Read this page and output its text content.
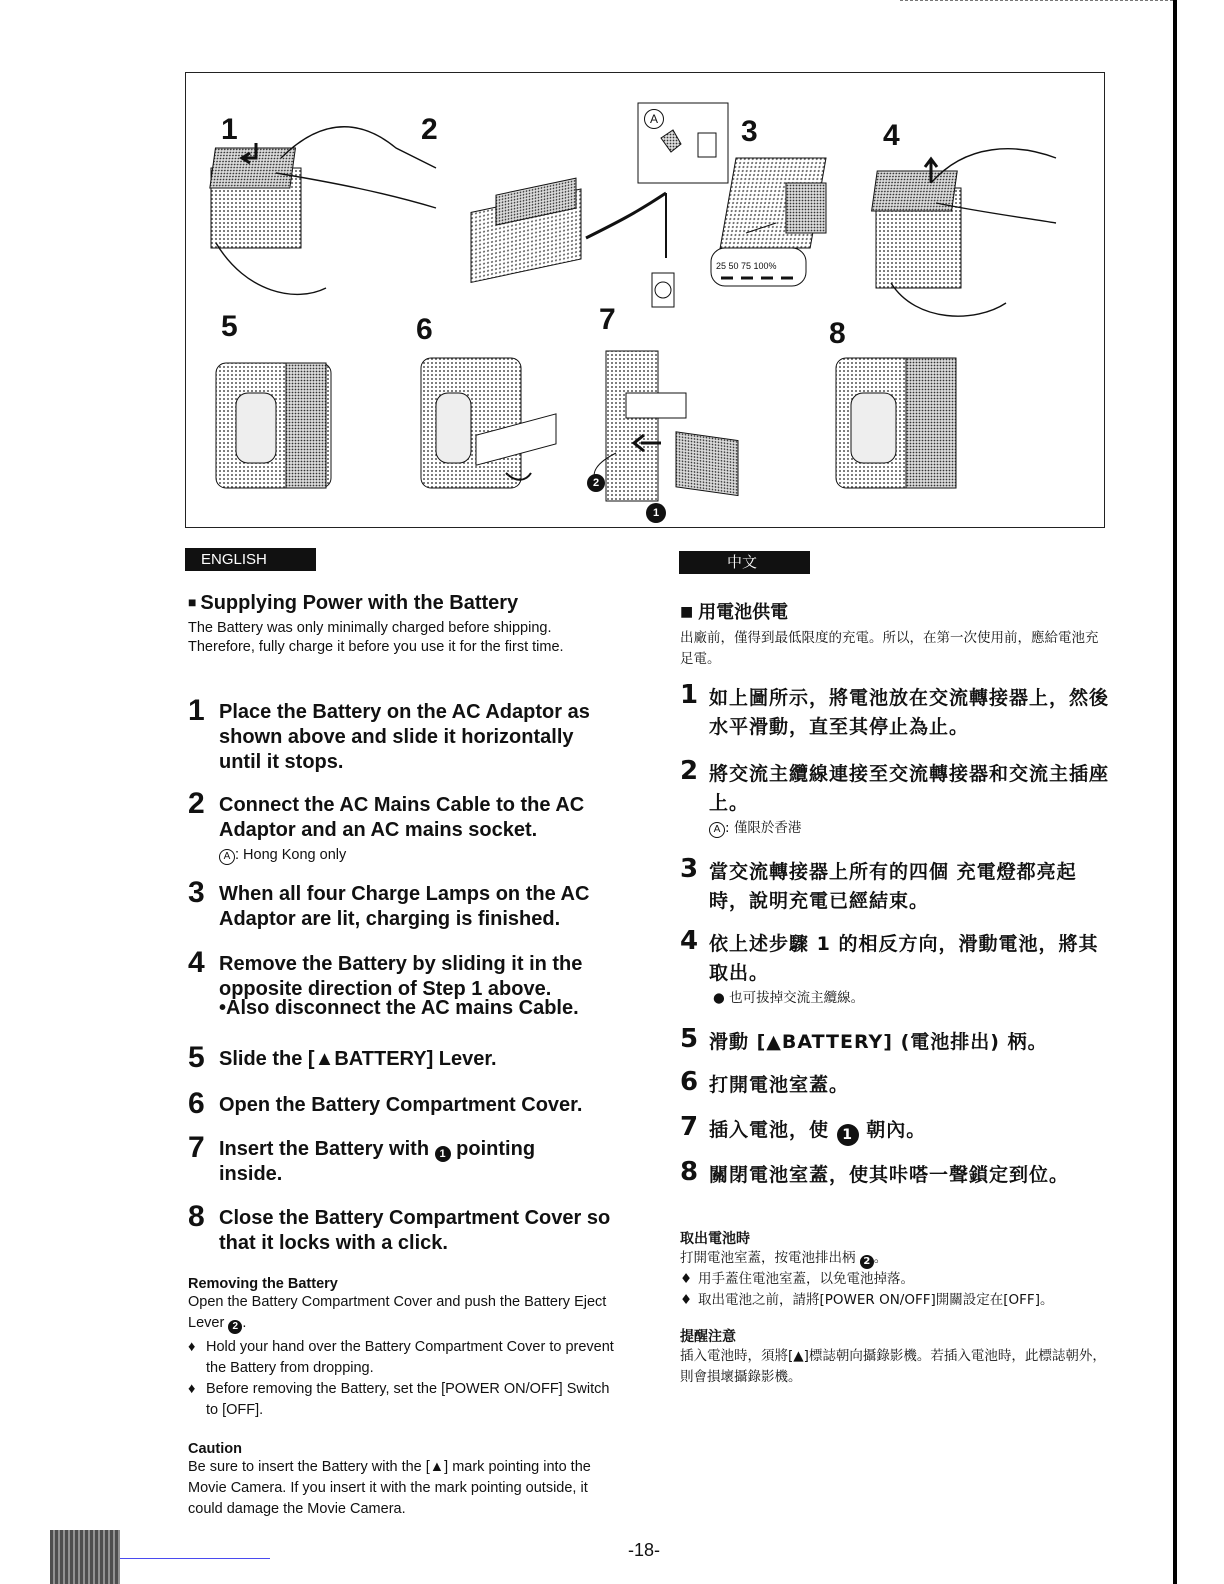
1	2	3	4
5	6	7	8
A
25 50 75 100%
1
2
ENGLISH
■ Supplying Power with the Battery
The Battery was only minimally charged before shipping. Therefore, fully charge it before you use it for the first time.
1 Place the Battery on the AC Adaptor as shown above and slide it horizontally until it stops.
2 Connect the AC Mains Cable to the AC Adaptor and an AC mains socket.
A : Hong Kong only
3 When all four Charge Lamps on the AC Adaptor are lit, charging is finished.
4 Remove the Battery by sliding it in the opposite direction of Step 1 above.
•Also disconnect the AC mains Cable.
5 Slide the [▲BATTERY] Lever.
6 Open the Battery Compartment Cover.
7 Insert the Battery with 1 pointing inside.
8 Close the Battery Compartment Cover so that it locks with a click.
Removing the Battery
Open the Battery Compartment Cover and push the Battery Eject Lever 2 .
♦ Hold your hand over the Battery Compartment Cover to prevent the Battery from dropping.
♦ Before removing the Battery, set the [POWER ON/OFF] Switch to [OFF].
Caution
Be sure to insert the Battery with the [▲] mark pointing into the Movie Camera. If you insert it with the mark pointing outside, it could damage the Movie Camera.
中文
■ 用電池供電
出廠前，僅得到最低限度的充電。所以，在第一次使用前，應給電池充足電。
1 如上圖所示，將電池放在交流轉接器上，然後水平滑動，直至其停止為止。
2 將交流主纜線連接至交流轉接器和交流主插座上。
A : 僅限於香港
3 當交流轉接器上所有的四個 充電燈都亮起時，說明充電已經結束。
4 依上述步驟 1 的相反方向，滑動電池，將其取出。
● 也可拔掉交流主纜線。
5 滑動 [▲BATTERY] (電池排出) 柄。
6 打開電池室蓋。
7 插入電池，使 1 朝內。
8 關閉電池室蓋，使其咔嗒一聲鎖定到位。
取出電池時
打開電池室蓋，按電池排出柄 2 。
♦ 用手蓋住電池室蓋，以免電池掉落。
♦ 取出電池之前，請將[POWER ON/OFF]開關設定在[OFF]。
提醒注意
插入電池時，須將[▲]標誌朝向攝錄影機。若插入電池時，此標誌朝外，則會損壞攝錄影機。
-18-
